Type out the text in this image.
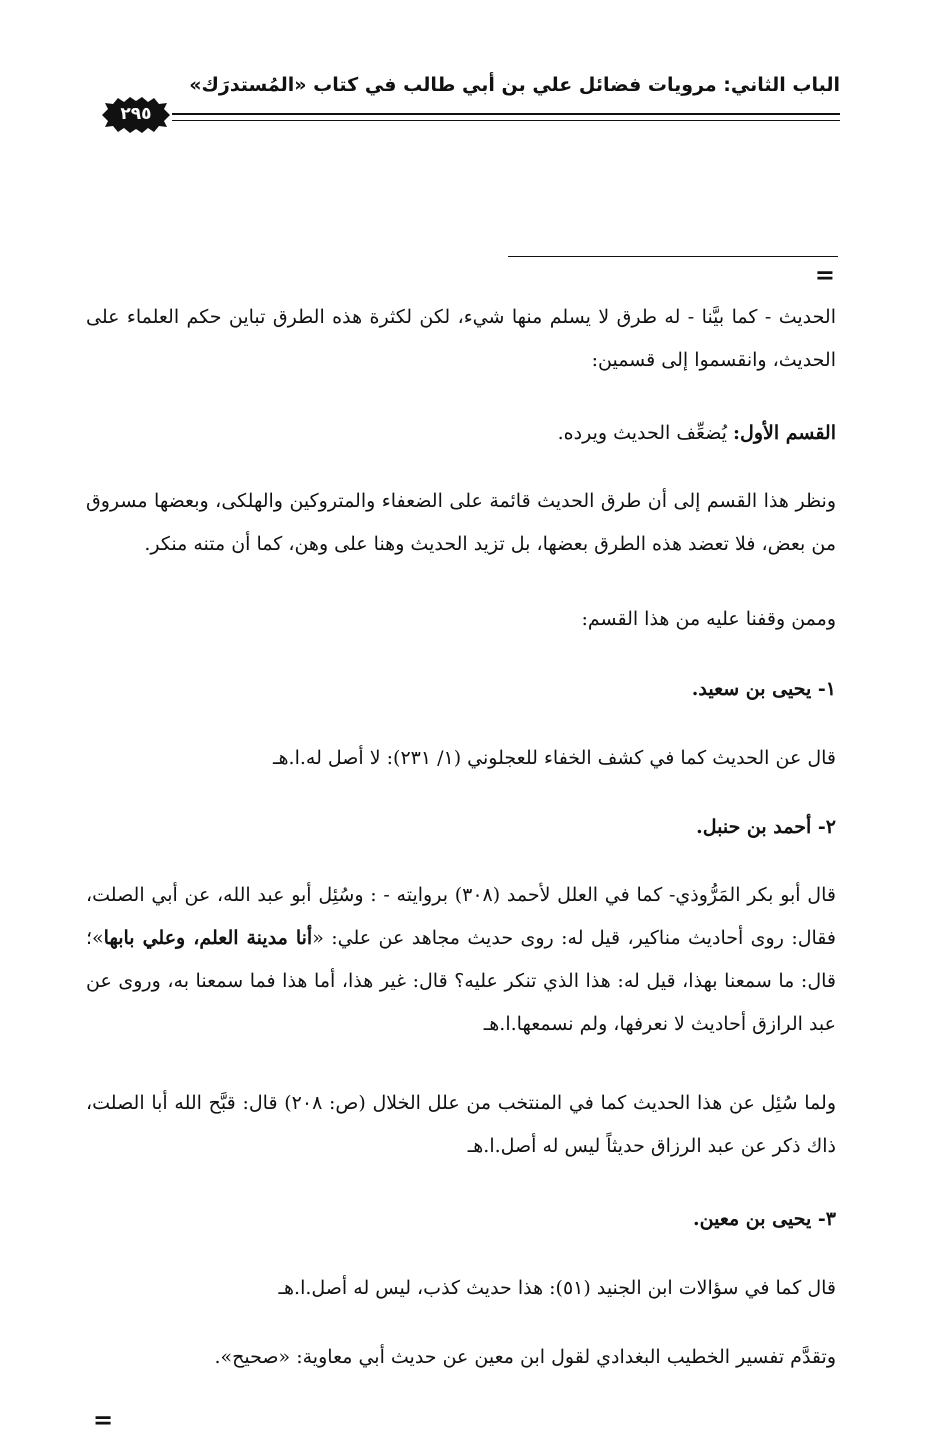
الباب الثاني: مرويات فضائل علي بن أبي طالب في كتاب «المُستدرَك»
٢٩٥
=
الحديث - كما بيَّنا - له طرق لا يسلم منها شيء، لكن لكثرة هذه الطرق تباين حكم العلماء على الحديث، وانقسموا إلى قسمين:
القسم الأول: يُضعِّف الحديث ويرده.
ونظر هذا القسم إلى أن طرق الحديث قائمة على الضعفاء والمتروكين والهلكى، وبعضها مسروق من بعض، فلا تعضد هذه الطرق بعضها، بل تزيد الحديث وهنا على وهن، كما أن متنه منكر.
وممن وقفنا عليه من هذا القسم:
١- يحيى بن سعيد.
قال عن الحديث كما في كشف الخفاء للعجلوني (١/ ٢٣١): لا أصل له.ا.هـ
٢- أحمد بن حنبل.
قال أبو بكر المَرُّوذي- كما في العلل لأحمد (٣٠٨) بروايته - : وسُئِل أبو عبد الله، عن أبي الصلت، فقال: روى أحاديث مناكير، قيل له: روى حديث مجاهد عن علي: «أنا مدينة العلم، وعلي بابها»؛ قال: ما سمعنا بهذا، قيل له: هذا الذي تنكر عليه؟ قال: غير هذا، أما هذا فما سمعنا به، وروى عن عبد الرازق أحاديث لا نعرفها، ولم نسمعها.ا.هـ
ولما سُئِل عن هذا الحديث كما في المنتخب من علل الخلال (ص: ٢٠٨) قال: قبَّح الله أبا الصلت، ذاك ذكر عن عبد الرزاق حديثاً ليس له أصل.ا.هـ
٣- يحيى بن معين.
قال كما في سؤالات ابن الجنيد (٥١): هذا حديث كذب، ليس له أصل.ا.هـ
وتقدَّم تفسير الخطيب البغدادي لقول ابن معين عن حديث أبي معاوية: «صحيح».
=
